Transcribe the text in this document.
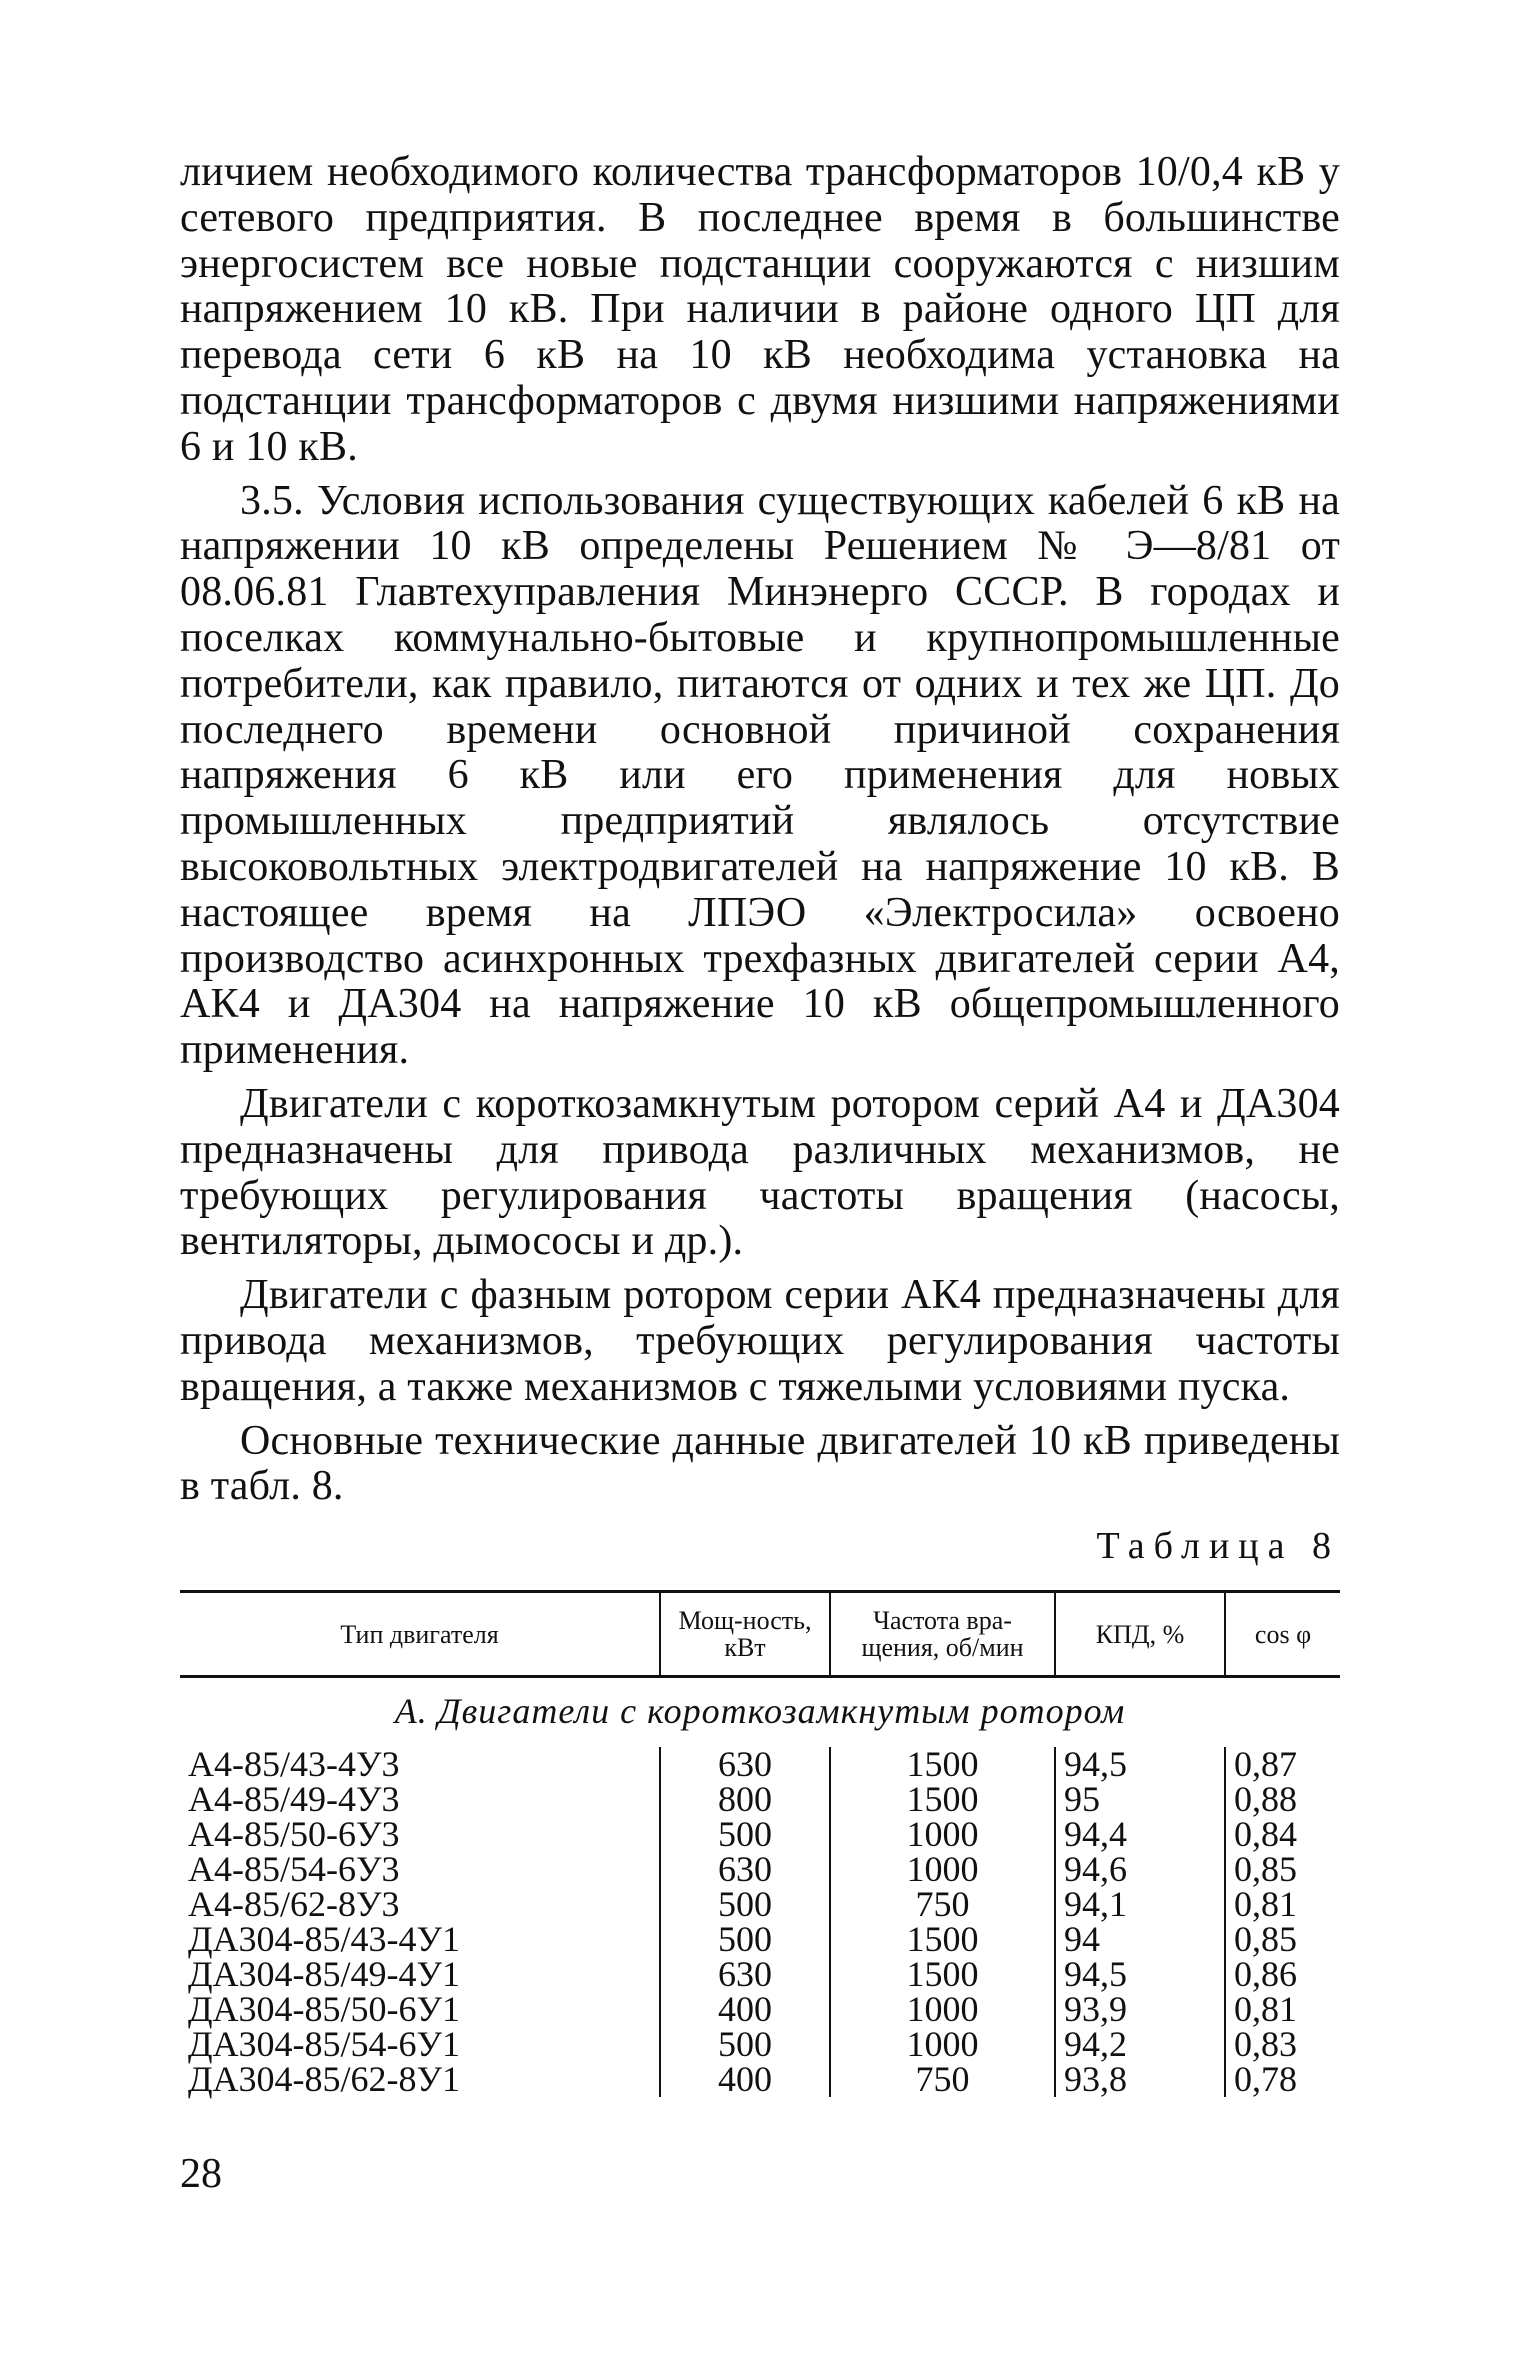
личием необходимого количества трансформаторов 10/0,4 кВ у сетевого предприятия. В последнее время в большинстве энергосистем все новые подстанции сооружаются с низшим напряжением 10 кВ. При наличии в районе одного ЦП для перевода сети 6 кВ на 10 кВ необходима установка на подстанции трансформаторов с двумя низшими напряжениями 6 и 10 кВ.

3.5. Условия использования существующих кабелей 6 кВ на напряжении 10 кВ определены Решением № Э—8/81 от 08.06.81 Главтехуправления Минэнерго СССР. В городах и поселках коммунально-бытовые и крупнопромышленные потребители, как правило, питаются от одних и тех же ЦП. До последнего времени основной причиной сохранения напряжения 6 кВ или его применения для новых промышленных предприятий являлось отсутствие высоковольтных электродвигателей на напряжение 10 кВ. В настоящее время на ЛПЭО «Электросила» освоено производство асинхронных трехфазных двигателей серии А4, АК4 и ДА304 на напряжение 10 кВ общепромышленного применения.

Двигатели с короткозамкнутым ротором серий А4 и ДА304 предназначены для привода различных механизмов, не требующих регулирования частоты вращения (насосы, вентиляторы, дымососы и др.).

Двигатели с фазным ротором серии АК4 предназначены для привода механизмов, требующих регулирования частоты вращения, а также механизмов с тяжелыми условиями пуска.

Основные технические данные двигателей 10 кВ приведены в табл. 8.

Таблица 8
Тип двигателя	Мощ-ность, кВт	Частота вра-щения, об/мин	КПД, %	cos φ
А. Двигатели с короткозамкнутым ротором				
А4-85/43-4У3	630	1500	94,5	0,87
А4-85/49-4У3	800	1500	95	0,88
А4-85/50-6У3	500	1000	94,4	0,84
А4-85/54-6У3	630	1000	94,6	0,85
А4-85/62-8У3	500	750	94,1	0,81
ДА304-85/43-4У1	500	1500	94	0,85
ДА304-85/49-4У1	630	1500	94,5	0,86
ДА304-85/50-6У1	400	1000	93,9	0,81
ДА304-85/54-6У1	500	1000	94,2	0,83
ДА304-85/62-8У1	400	750	93,8	0,78
28
